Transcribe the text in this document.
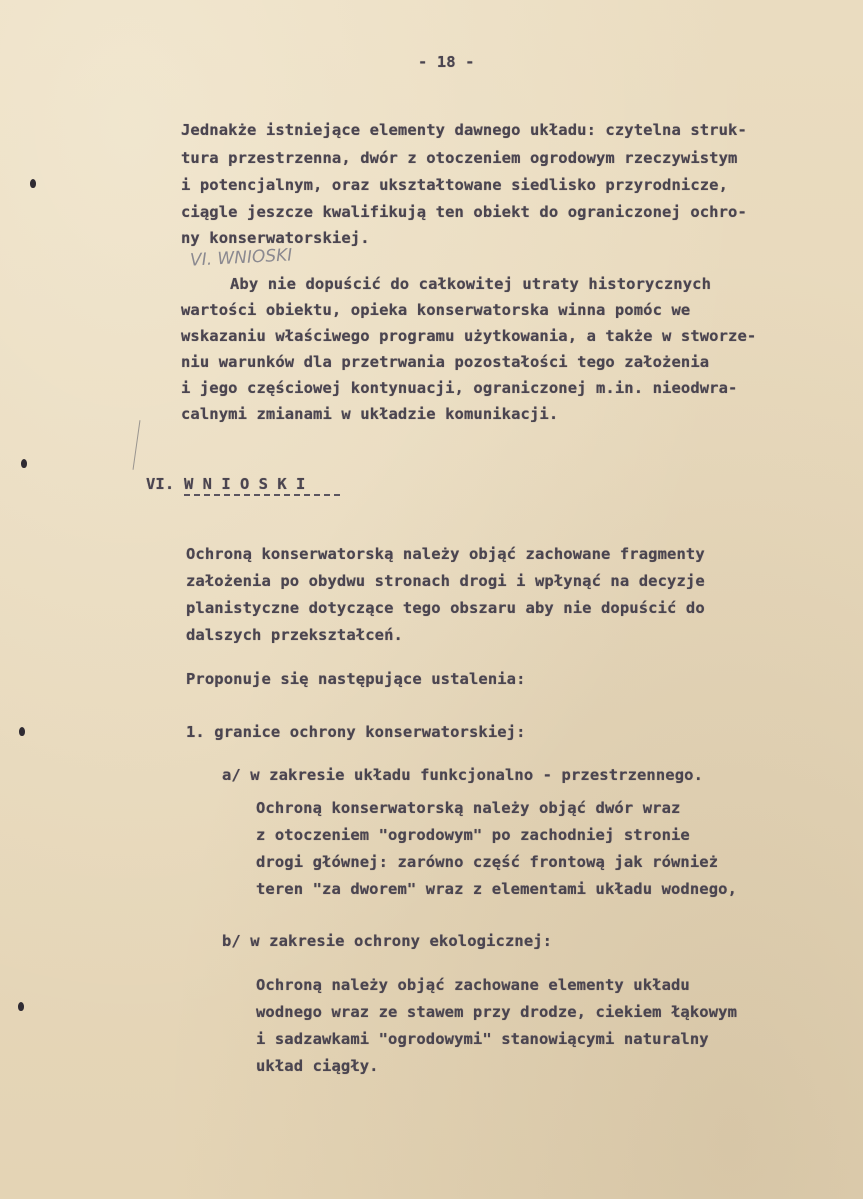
- 18 -
Jednakże istniejące elementy dawnego układu: czytelna struk-
tura przestrzenna, dwór z otoczeniem ogrodowym rzeczywistym
i potencjalnym, oraz ukształtowane siedlisko przyrodnicze,
ciągle jeszcze kwalifikują ten obiekt do ograniczonej ochro-
ny konserwatorskiej.
VI. WNIOSKI
Aby nie dopuścić do całkowitej utraty historycznych
wartości obiektu, opieka konserwatorska winna pomóc we
wskazaniu właściwego programu użytkowania, a także w stworze-
niu warunków dla przetrwania pozostałości tego założenia
i jego częściowej kontynuacji, ograniczonej m.in. nieodwra-
calnymi zmianami w układzie komunikacji.
VI. W N I O S K I
Ochroną konserwatorską należy objąć zachowane fragmenty
założenia po obydwu stronach drogi i wpłynąć na decyzje
planistyczne dotyczące tego obszaru aby nie dopuścić do
dalszych przekształceń.
Proponuje się następujące ustalenia:
1. granice ochrony konserwatorskiej:
a/ w zakresie układu funkcjonalno - przestrzennego.
Ochroną konserwatorską należy objąć dwór wraz
z otoczeniem "ogrodowym" po zachodniej stronie
drogi głównej: zarówno część frontową jak również
teren "za dworem" wraz z elementami układu wodnego,
b/ w zakresie ochrony ekologicznej:
Ochroną należy objąć zachowane elementy układu
wodnego wraz ze stawem przy drodze, ciekiem łąkowym
i sadzawkami "ogrodowymi" stanowiącymi naturalny
układ ciągły.
